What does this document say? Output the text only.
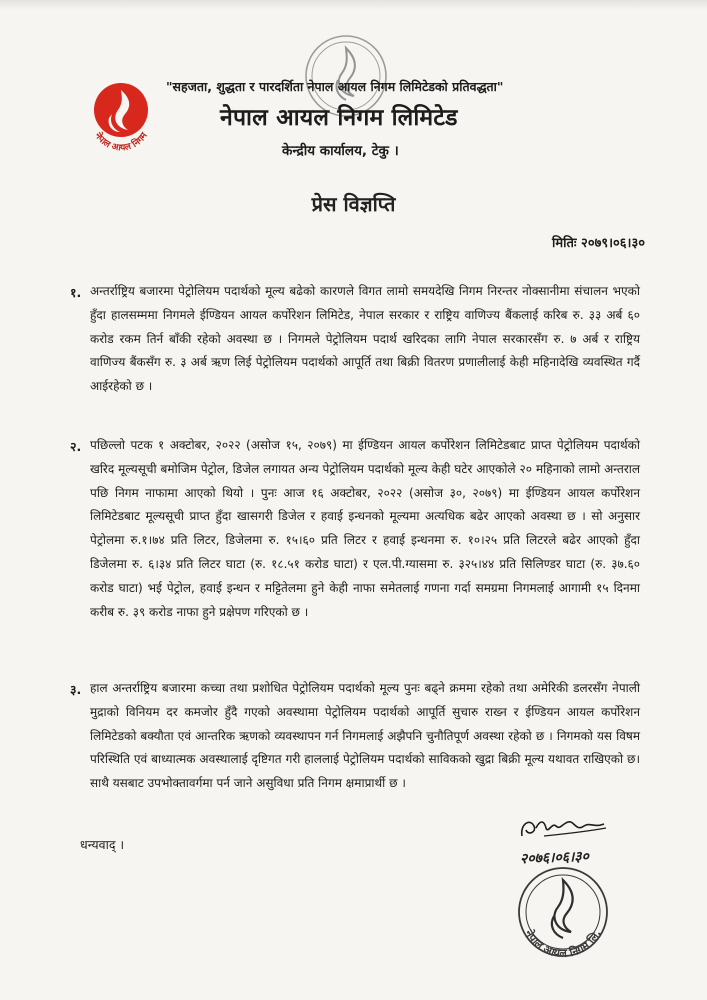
नेपाल आयल निगम
"सहजता, शुद्धता र पारदर्शिता नेपाल आयल निगम लिमिटेडको प्रतिवद्धता"
नेपाल आयल निगम लिमिटेड
केन्द्रीय कार्यालय, टेकु ।
प्रेस विज्ञप्ति
मितिः २०७९।०६।३०
१. अन्तर्राष्ट्रिय बजारमा पेट्रोलियम पदार्थको मूल्य बढेको कारणले विगत लामो समयदेखि निगम निरन्तर नोक्सानीमा संचालन भएको हुँदा हालसम्ममा निगमले ईण्डियन आयल कर्पोरेशन लिमिटेड, नेपाल सरकार र राष्ट्रिय वाणिज्य बैंकलाई करिब रु. ३३ अर्ब ६० करोड रकम तिर्न बाँकी रहेको अवस्था छ । निगमले पेट्रोलियम पदार्थ खरिदका लागि नेपाल सरकारसँग रु. ७ अर्ब र राष्ट्रिय वाणिज्य बैंकसँग रु. ३ अर्ब ऋण लिई पेट्रोलियम पदार्थको आपूर्ति तथा बिक्री वितरण प्रणालीलाई केही महिनादेखि व्यवस्थित गर्दै आईरहेको छ ।
२. पछिल्लो पटक १ अक्टोबर, २०२२ (असोज १५, २०७९) मा ईण्डियन आयल कर्पोरेशन लिमिटेडबाट प्राप्त पेट्रोलियम पदार्थको खरिद मूल्यसूची बमोजिम पेट्रोल, डिजेल लगायत अन्य पेट्रोलियम पदार्थको मूल्य केही घटेर आएकोले २० महिनाको लामो अन्तराल पछि निगम नाफामा आएको थियो । पुनः आज १६ अक्टोबर, २०२२ (असोज ३०, २०७९) मा ईण्डियन आयल कर्पोरेशन लिमिटेडबाट मूल्यसूची प्राप्त हुँदा खासगरी डिजेल र हवाई इन्धनको मूल्यमा अत्यधिक बढेर आएको अवस्था छ । सो अनुसार पेट्रोलमा रु.१।७४ प्रति लिटर, डिजेलमा रु. १५।६० प्रति लिटर र हवाई इन्धनमा रु. १०।२५ प्रति लिटरले बढेर आएको हुँदा डिजेलमा रु. ६।३४ प्रति लिटर घाटा (रु. १८.५१ करोड घाटा) र एल.पी.ग्यासमा रु. ३२५।४४ प्रति सिलिण्डर घाटा (रु. ३७.६० करोड घाटा) भई पेट्रोल, हवाई इन्धन र मट्टितेलमा हुने केही नाफा समेतलाई गणना गर्दा समग्रमा निगमलाई आगामी १५ दिनमा करीब रु. ३९ करोड नाफा हुने प्रक्षेपण गरिएको छ ।
३. हाल अन्तर्राष्ट्रिय बजारमा कच्चा तथा प्रशोधित पेट्रोलियम पदार्थको मूल्य पुनः बढ्ने क्रममा रहेको तथा अमेरिकी डलरसँग नेपाली मुद्राको विनियम दर कमजोर हुँदै गएको अवस्थामा पेट्रोलियम पदार्थको आपूर्ति सुचारु राख्न र ईण्डियन आयल कर्पोरेशन लिमिटेडको बक्यौता एवं आन्तरिक ऋणको व्यवस्थापन गर्न निगमलाई अझैपनि चुनौतिपूर्ण अवस्था रहेको छ । निगमको यस विषम परिस्थिति एवं बाध्यात्मक अवस्थालाई दृष्टिगत गरी हाललाई पेट्रोलियम पदार्थको साविकको खुद्रा बिक्री मूल्य यथावत राखिएको छ। साथै यसबाट उपभोक्तावर्गमा पर्न जाने असुविधा प्रति निगम क्षमाप्रार्थी छ ।
धन्यवाद् ।
२०७६।०६।३०
नेपाल आयल निगम लि.
